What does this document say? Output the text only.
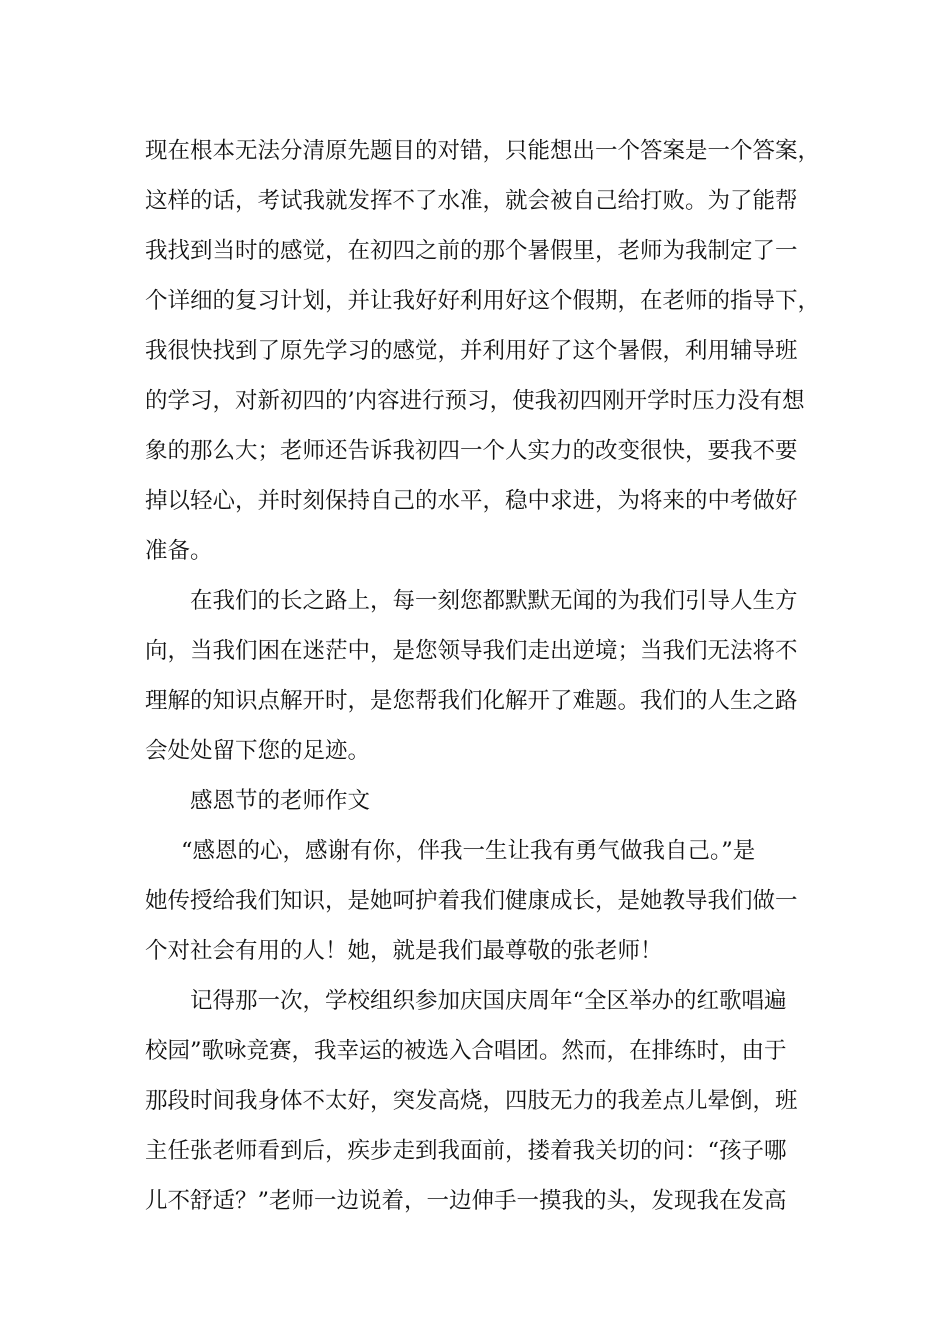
现在根本无法分清原先题目的对错，只能想出一个答案是一个答案，
这样的话，考试我就发挥不了水准，就会被自己给打败。为了能帮
我找到当时的感觉，在初四之前的那个暑假里，老师为我制定了一
个详细的复习计划，并让我好好利用好这个假期，在老师的指导下，
我很快找到了原先学习的感觉，并利用好了这个暑假，利用辅导班
的学习，对新初四的’内容进行预习，使我初四刚开学时压力没有想
象的那么大；老师还告诉我初四一个人实力的改变很快，要我不要
掉以轻心，并时刻保持自己的水平，稳中求进，为将来的中考做好
准备。
在我们的长之路上，每一刻您都默默无闻的为我们引导人生方
向，当我们困在迷茫中，是您领导我们走出逆境；当我们无法将不
理解的知识点解开时，是您帮我们化解开了难题。我们的人生之路
会处处留下您的足迹。
感恩节的老师作文
“感恩的心，感谢有你，伴我一生让我有勇气做我自己。”是
她传授给我们知识，是她呵护着我们健康成长，是她教导我们做一
个对社会有用的人！她，就是我们最尊敬的张老师！
记得那一次，学校组织参加庆国庆周年“全区举办的红歌唱遍
校园”歌咏竞赛，我幸运的被选入合唱团。然而，在排练时，由于
那段时间我身体不太好，突发高烧，四肢无力的我差点儿晕倒，班
主任张老师看到后，疾步走到我面前，搂着我关切的问：“孩子哪
儿不舒适？”老师一边说着，一边伸手一摸我的头，发现我在发高
